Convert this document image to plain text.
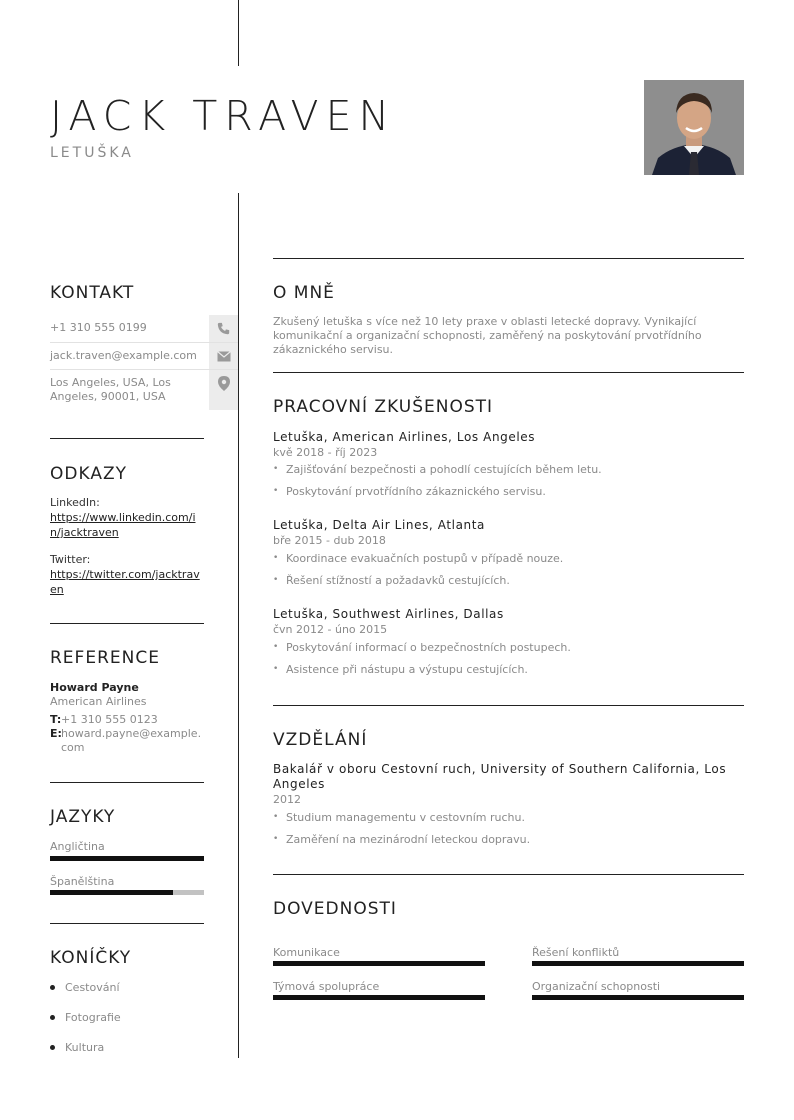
JACK TRAVEN
LETUŠKA
KONTAKT
+1 310 555 0199
jack.traven@example.com
Los Angeles, USA, Los Angeles, 90001, USA
ODKAZY
LinkedIn:
https://www.linkedin.com/in/jacktraven
Twitter:
https://twitter.com/jacktraven
REFERENCE
Howard Payne
American Airlines
T: +1 310 555 0123
E: howard.payne@example.com
JAZYKY
Angličtina
Španělština
KONÍČKY
Cestování
Fotografie
Kultura
O MNĚ
Zkušený letuška s více než 10 lety praxe v oblasti letecké dopravy. Vynikající komunikační a organizační schopnosti, zaměřený na poskytování prvotřídního zákaznického servisu.
PRACOVNÍ ZKUŠENOSTI
Letuška, American Airlines, Los Angeles
kvě 2018 - říj 2023
• Zajišťování bezpečnosti a pohodlí cestujících během letu.
• Poskytování prvotřídního zákaznického servisu.
Letuška, Delta Air Lines, Atlanta
bře 2015 - dub 2018
• Koordinace evakuačních postupů v případě nouze.
• Řešení stížností a požadavků cestujících.
Letuška, Southwest Airlines, Dallas
čvn 2012 - úno 2015
• Poskytování informací o bezpečnostních postupech.
• Asistence při nástupu a výstupu cestujících.
VZDĚLÁNÍ
Bakalář v oboru Cestovní ruch, University of Southern California, Los Angeles
2012
• Studium managementu v cestovním ruchu.
• Zaměření na mezinárodní leteckou dopravu.
DOVEDNOSTI
Komunikace	Řešení konfliktů
Týmová spolupráce	Organizační schopnosti
